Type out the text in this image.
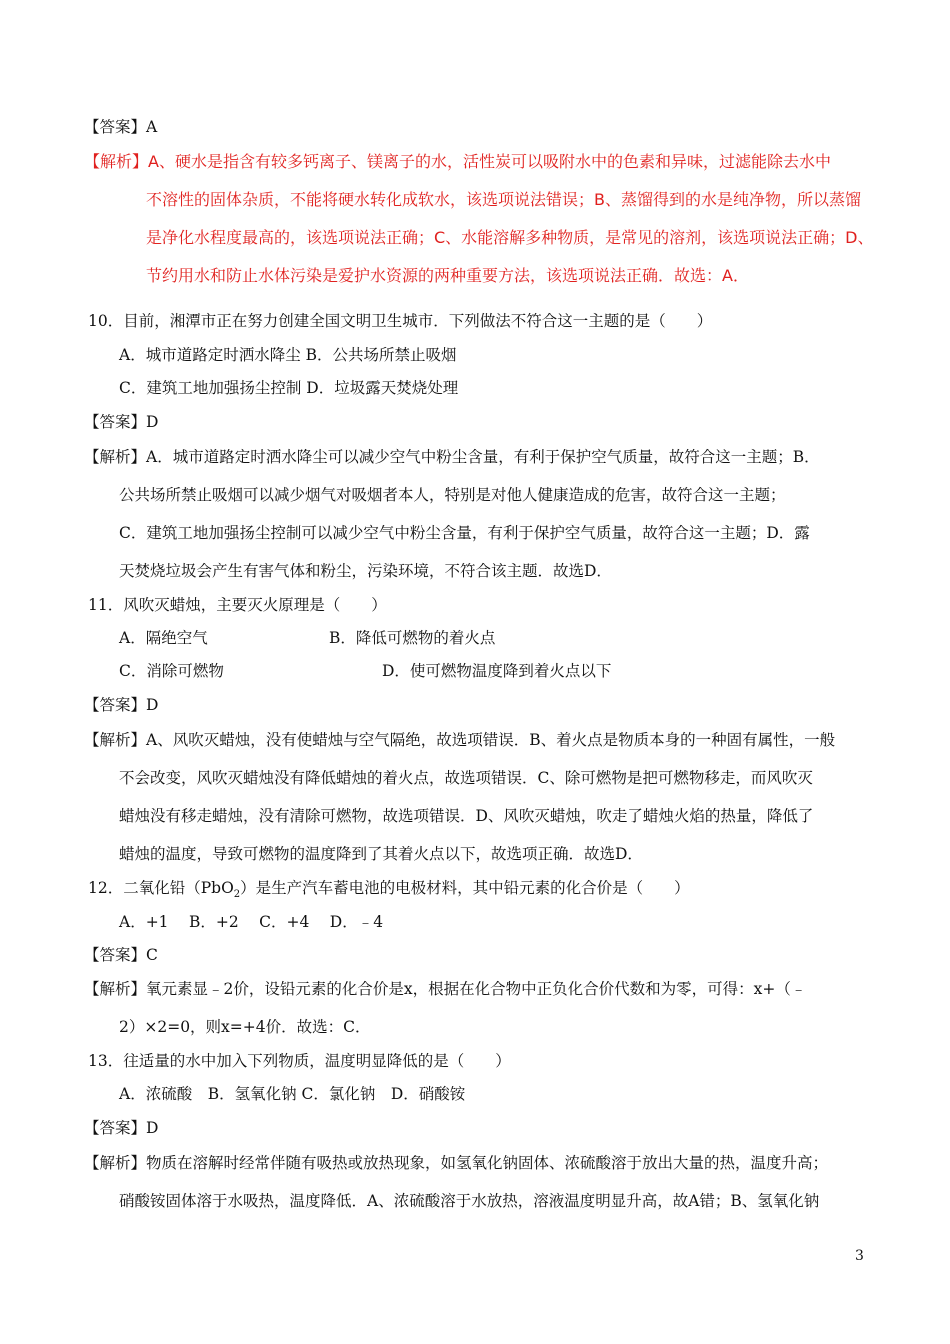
【答案】A
【解析】A、硬水是指含有较多钙离子、镁离子的水，活性炭可以吸附水中的色素和异味，过滤能除去水中
不溶性的固体杂质，不能将硬水转化成软水，该选项说法错误；B、蒸馏得到的水是纯净物，所以蒸馏
是净化水程度最高的，该选项说法正确；C、水能溶解多种物质，是常见的溶剂，该选项说法正确；D、
节约用水和防止水体污染是爱护水资源的两种重要方法，该选项说法正确．故选：A．
10．目前，湘潭市正在努力创建全国文明卫生城市．下列做法不符合这一主题的是（　　）
A．城市道路定时洒水降尘 B．公共场所禁止吸烟
C．建筑工地加强扬尘控制 D．垃圾露天焚烧处理
【答案】D
【解析】A．城市道路定时洒水降尘可以减少空气中粉尘含量，有利于保护空气质量，故符合这一主题；B．
公共场所禁止吸烟可以减少烟气对吸烟者本人，特别是对他人健康造成的危害，故符合这一主题；
C．建筑工地加强扬尘控制可以减少空气中粉尘含量，有利于保护空气质量，故符合这一主题；D．露
天焚烧垃圾会产生有害气体和粉尘，污染环境，不符合该主题．故选D．
11．风吹灭蜡烛，主要灭火原理是（　　）
A．隔绝空气	B．降低可燃物的着火点
C．消除可燃物	D．使可燃物温度降到着火点以下
【答案】D
【解析】A、风吹灭蜡烛，没有使蜡烛与空气隔绝，故选项错误．B、着火点是物质本身的一种固有属性，一般
不会改变，风吹灭蜡烛没有降低蜡烛的着火点，故选项错误．C、除可燃物是把可燃物移走，而风吹灭
蜡烛没有移走蜡烛，没有清除可燃物，故选项错误．D、风吹灭蜡烛，吹走了蜡烛火焰的热量，降低了
蜡烛的温度，导致可燃物的温度降到了其着火点以下，故选项正确．故选D．
12．二氧化铅（PbO$_2$）是生产汽车蓄电池的电极材料，其中铅元素的化合价是（　　）
A．+1　 B．+2　 C．+4　 D．﹣4
【答案】C
【解析】氧元素显﹣2价，设铅元素的化合价是x，根据在化合物中正负化合价代数和为零，可得：x+（﹣
2）×2=0，则x=+4价．故选：C．
13．往适量的水中加入下列物质，温度明显降低的是（　　）
A．浓硫酸　B．氢氧化钠 C．氯化钠　D．硝酸铵
【答案】D
【解析】物质在溶解时经常伴随有吸热或放热现象，如氢氧化钠固体、浓硫酸溶于放出大量的热，温度升高；
硝酸铵固体溶于水吸热，温度降低．A、浓硫酸溶于水放热，溶液温度明显升高，故A错；B、氢氧化钠
3
